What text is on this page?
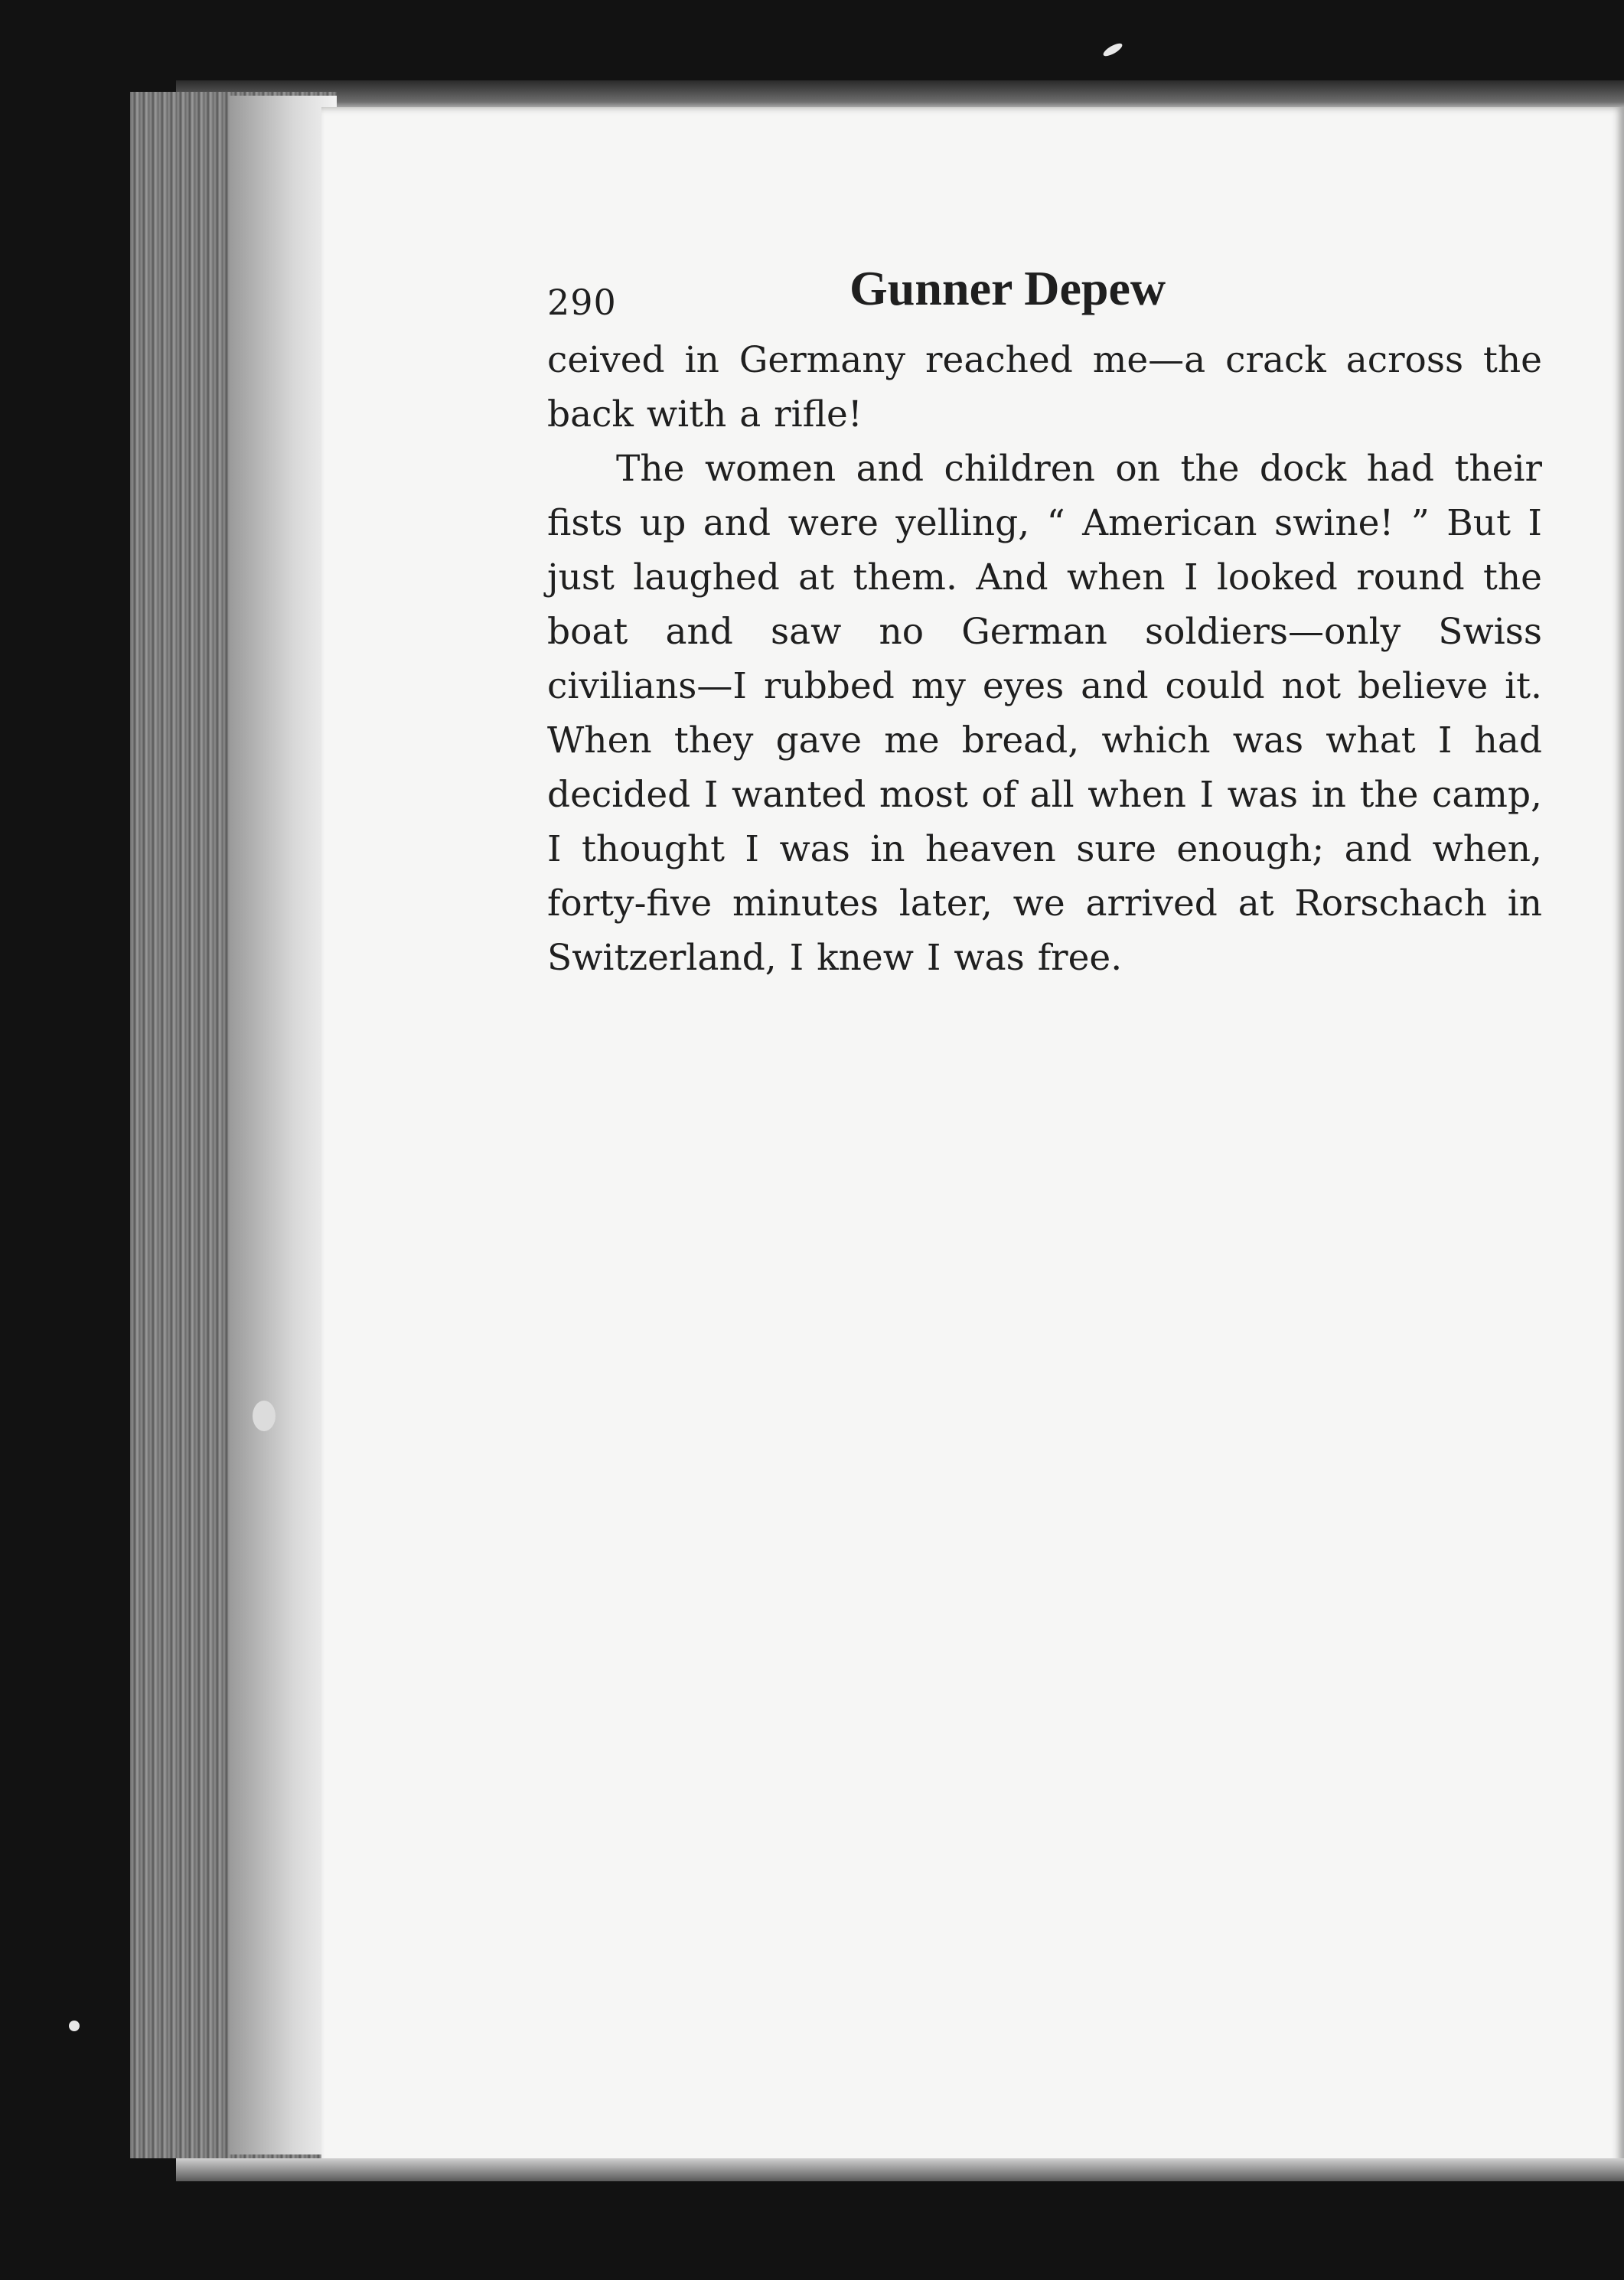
290	Gunner Depew

ceived in Germany reached me—a crack across the back with a rifle!

The women and children on the dock had their fists up and were yelling, “ American swine! ” But I just laughed at them. And when I looked round the boat and saw no German soldiers—only Swiss civilians—I rubbed my eyes and could not believe it. When they gave me bread, which was what I had decided I wanted most of all when I was in the camp, I thought I was in heaven sure enough; and when, forty-five minutes later, we arrived at Rorschach in Switzerland, I knew I was free.
